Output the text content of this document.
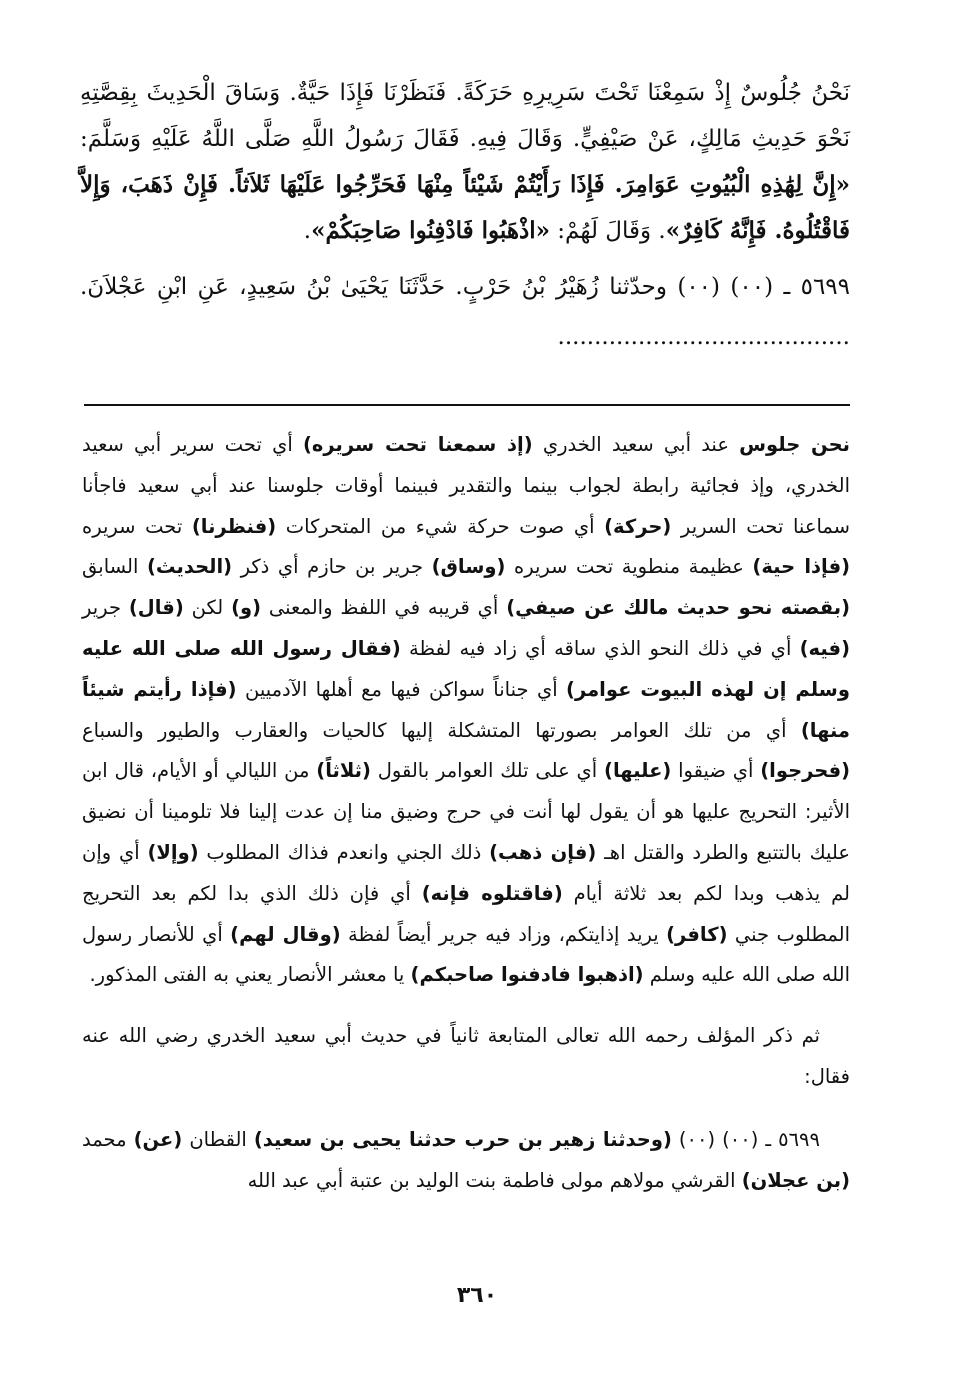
نَحْنُ جُلُوسٌ إِذْ سَمِعْنَا تَحْتَ سَرِيرِهِ حَرَكَةً. فَنَظَرْنَا فَإِذَا حَيَّةٌ. وَسَاقَ الْحَدِيثَ بِقِصَّتِهِ نَحْوَ حَدِيثِ مَالِكٍ، عَنْ صَيْفِيٍّ. وَقَالَ فِيهِ. فَقَالَ رَسُولُ اللَّهِ صَلَّى اللَّهُ عَلَيْهِ وَسَلَّمَ: «إِنَّ لِهَٰذِهِ الْبُيُوتِ عَوَامِرَ. فَإِذَا رَأَيْتُمْ شَيْئاً مِنْهَا فَحَرِّجُوا عَلَيْهَا ثَلاَثاً. فَإِنْ ذَهَبَ، وَإِلاَّ فَاقْتُلُوهُ. فَإِنَّهُ كَافِرٌ». وَقَالَ لَهُمْ: «اذْهَبُوا فَادْفِنُوا صَاحِبَكُمْ».

٥٦٩٩ ـ (٠٠) (٠٠) وحدّثنا زُهَيْرُ بْنُ حَرْبٍ. حَدَّثَنَا يَحْيَىٰ بْنُ سَعِيدٍ، عَنِ ابْنِ عَجْلاَنَ. ........................................

نحن جلوس عند أبي سعيد الخدري (إذ سمعنا تحت سريره) أي تحت سرير أبي سعيد الخدري، وإذ فجائية رابطة لجواب بينما والتقدير فبينما أوقات جلوسنا عند أبي سعيد فاجأنا سماعنا تحت السرير (حركة) أي صوت حركة شيء من المتحركات (فنظرنا) تحت سريره (فإذا حية) عظيمة منطوية تحت سريره (وساق) جرير بن حازم أي ذكر (الحديث) السابق (بقصته نحو حديث مالك عن صيفي) أي قريبه في اللفظ والمعنى (و) لكن (قال) جرير (فيه) أي في ذلك النحو الذي ساقه أي زاد فيه لفظة (فقال رسول الله صلى الله عليه وسلم إن لهذه البيوت عوامر) أي جناناً سواكن فيها مع أهلها الآدميين (فإذا رأيتم شيئاً منها) أي من تلك العوامر بصورتها المتشكلة إليها كالحيات والعقارب والطيور والسباع (فحرجوا) أي ضيقوا (عليها) أي على تلك العوامر بالقول (ثلاثاً) من الليالي أو الأيام، قال ابن الأثير: التحريج عليها هو أن يقول لها أنت في حرج وضيق منا إن عدت إلينا فلا تلومينا أن نضيق عليك بالتتبع والطرد والقتل اهـ (فإن ذهب) ذلك الجني وانعدم فذاك المطلوب (وإلا) أي وإن لم يذهب وبدا لكم بعد ثلاثة أيام (فاقتلوه فإنه) أي فإن ذلك الذي بدا لكم بعد التحريج المطلوب جني (كافر) يريد إذايتكم، وزاد فيه جرير أيضاً لفظة (وقال لهم) أي للأنصار رسول الله صلى الله عليه وسلم (اذهبوا فادفنوا صاحبكم) يا معشر الأنصار يعني به الفتى المذكور.

ثم ذكر المؤلف رحمه الله تعالى المتابعة ثانياً في حديث أبي سعيد الخدري رضي الله عنه فقال:

٥٦٩٩ ـ (٠٠) (٠٠) (وحدثنا زهير بن حرب حدثنا يحيى بن سعيد) القطان (عن) محمد (بن عجلان) القرشي مولاهم مولى فاطمة بنت الوليد بن عتبة أبي عبد الله

٣٦٠
